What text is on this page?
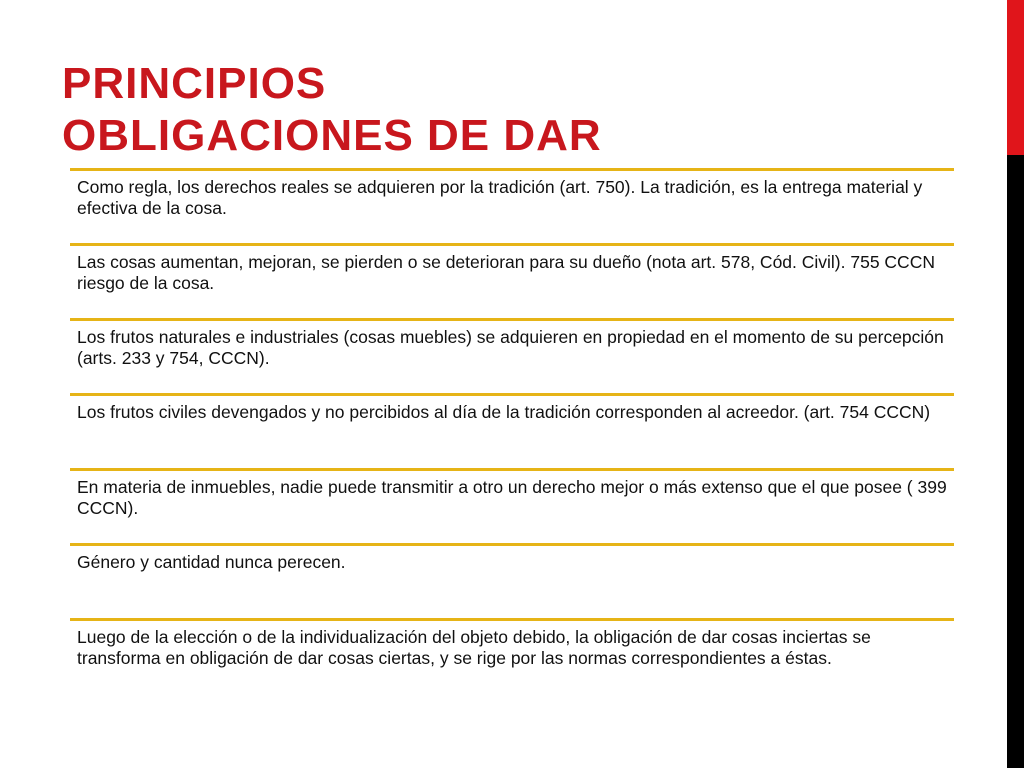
PRINCIPIOS
OBLIGACIONES DE DAR
Como regla, los derechos reales se adquieren por la tradición (art. 750). La tradición, es la entrega material y efectiva de la cosa.
Las cosas aumentan, mejoran, se pierden o se deterioran para su dueño (nota art. 578, Cód. Civil). 755 CCCN riesgo de la cosa.
Los frutos naturales e industriales (cosas muebles) se adquieren en propiedad en el momento de su percepción (arts. 233 y 754, CCCN).
Los frutos civiles devengados y no percibidos al día de la tradición corresponden al acreedor. (art. 754 CCCN)
En materia de inmuebles, nadie puede transmitir a otro un derecho mejor o más extenso que el que posee ( 399 CCCN).
Género y cantidad nunca perecen.
Luego de la elección o de la individualización del objeto debido, la obligación de dar cosas inciertas se transforma en obligación de dar cosas ciertas, y se rige por las normas correspondientes a éstas.
